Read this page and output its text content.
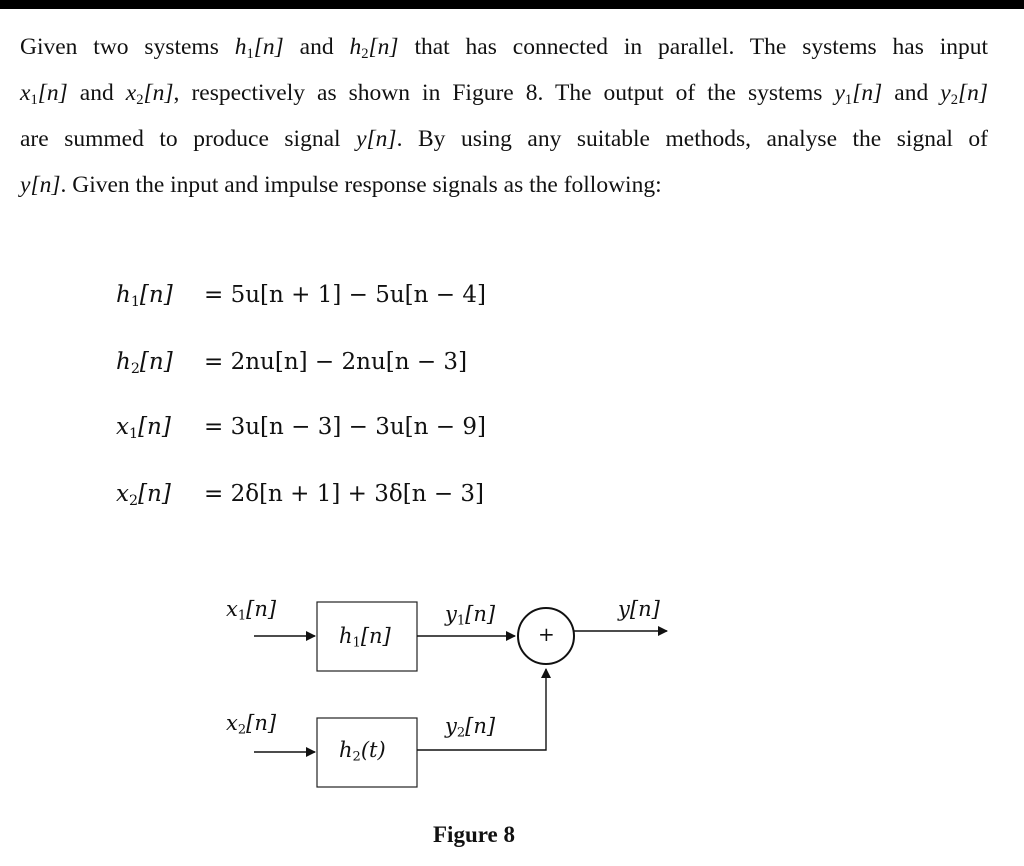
Given two systems $h_1[n]$ and $h_2[n]$ that has connected in parallel. The systems has input
$x_1[n]$ and $x_2[n]$, respectively as shown in Figure 8. The output of the systems $y_1[n]$ and $y_2[n]$
are summed to produce signal y[n]. By using any suitable methods, analyse the signal of
y[n]. Given the input and impulse response signals as the following:
$h_1[n] = 5u[n + 1] - 5u[n - 4]$
$h_2[n] = 2nu[n] - 2nu[n - 3]$
$x_1[n] = 3u[n - 3] - 3u[n - 9]$
$x_2[n] = 2\delta[n + 1] + 3\delta[n - 3]$
$x_1[n]$
$x_2[n]$
$h_1[n]$
$h_2(t)$
$y_1[n]$
$y_2[n]$
y[n]
+
Figure 8
